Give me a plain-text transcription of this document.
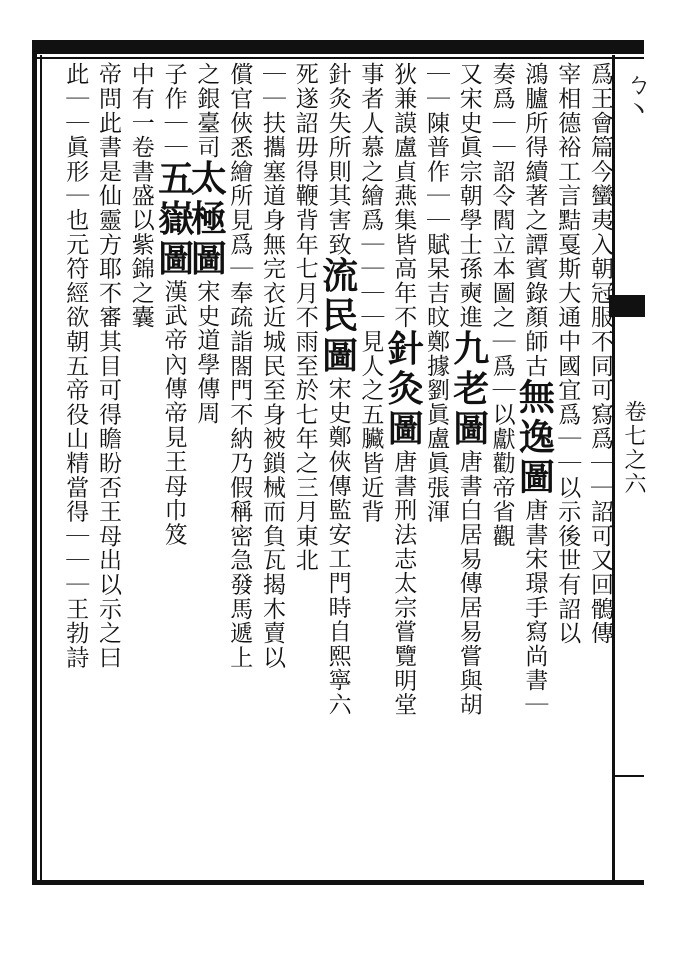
ㄅ丶
卷七之六
爲王會篇今蠻夷入朝冠服不同可寫爲｜｜詔可又回鶻傳
宰相德裕工言黠戛斯大通中國宜爲｜｜以示後世有詔以
鴻臚所得續著之譚賓錄顏師古無逸圖唐書宋璟手寫尚書｜
奏爲｜｜詔令閻立本圖之｜爲｜以獻勸帝省觀
又宋史眞宗朝學士孫奭進九老圖唐書白居易傳居易嘗與胡
｜｜陳普作｜｜賦杲吉旼鄭據劉眞盧眞張渾
狄兼謨盧貞燕集皆高年不針灸圖唐書刑法志太宗嘗覽明堂
事者人慕之繪爲｜｜｜｜見人之五臟皆近背
針灸失所則其害致流民圖宋史鄭俠傳監安工門時自熙寧六
死遂詔毋得鞭背年七月不雨至於七年之三月東北
｜｜扶攜塞道身無完衣近城民至身被鎖械而負瓦揭木賣以
償官俠悉繪所見爲｜奉疏詣閤門不納乃假稱密急發馬遞上
之銀臺司太極圖宋史道學傳周
子作｜｜五嶽圖漢武帝內傳帝見王母巾笈
中有一卷書盛以紫錦之囊
帝問此書是仙靈方耶不審其目可得瞻盼否王母出以示之曰
此｜｜眞形｜也元符經欲朝五帝役山精當得｜｜｜王勃詩
